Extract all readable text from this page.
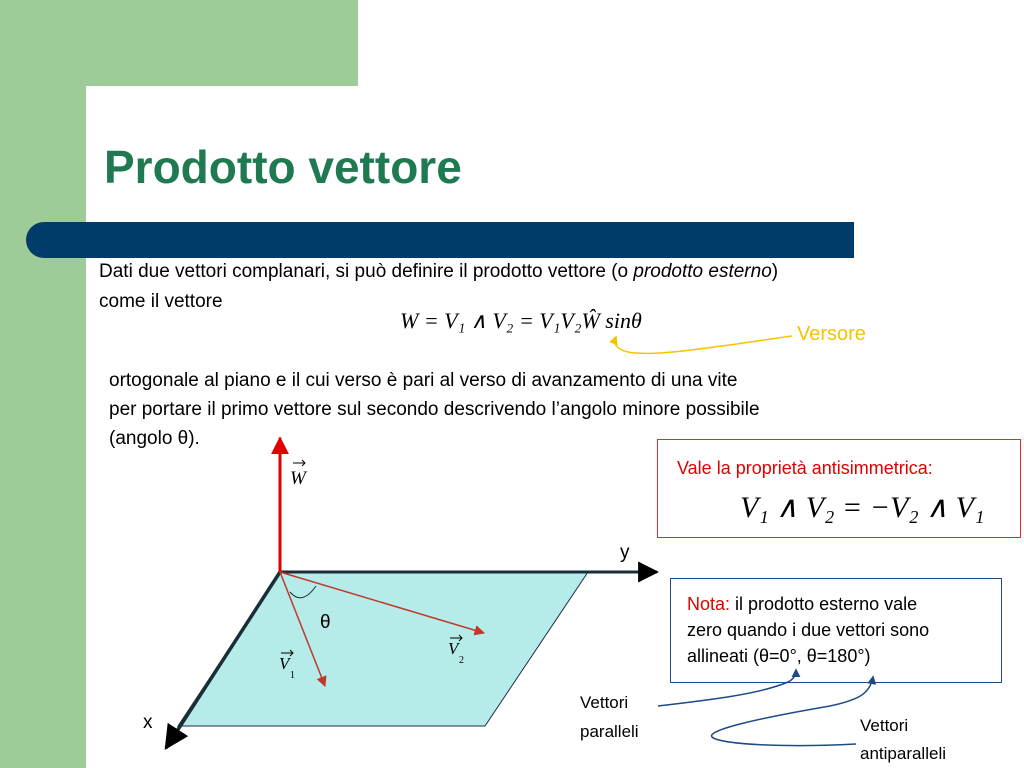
Prodotto vettore

Dati due vettori complanari, si può definire il prodotto vettore (o prodotto esterno)

come il vettore

W = V₁ ∧ V₂ = V₁V₂Ŵ sinθ

Versore

ortogonale al piano e il cui verso è pari al verso di avanzamento di una vite

per portare il primo vettore sul secondo descrivendo l’angolo minore possibile

(angolo θ).

Vale la proprietà antisimmetrica:
V₁ ∧ V₂ = −V₂ ∧ V₁
Nota: il prodotto esterno vale
zero quando i due vettori sono
allineati (θ=0°, θ=180°)
W
V
1
V
2
θ
x
y
Vettori
paralleli	Vettori
antiparalleli
